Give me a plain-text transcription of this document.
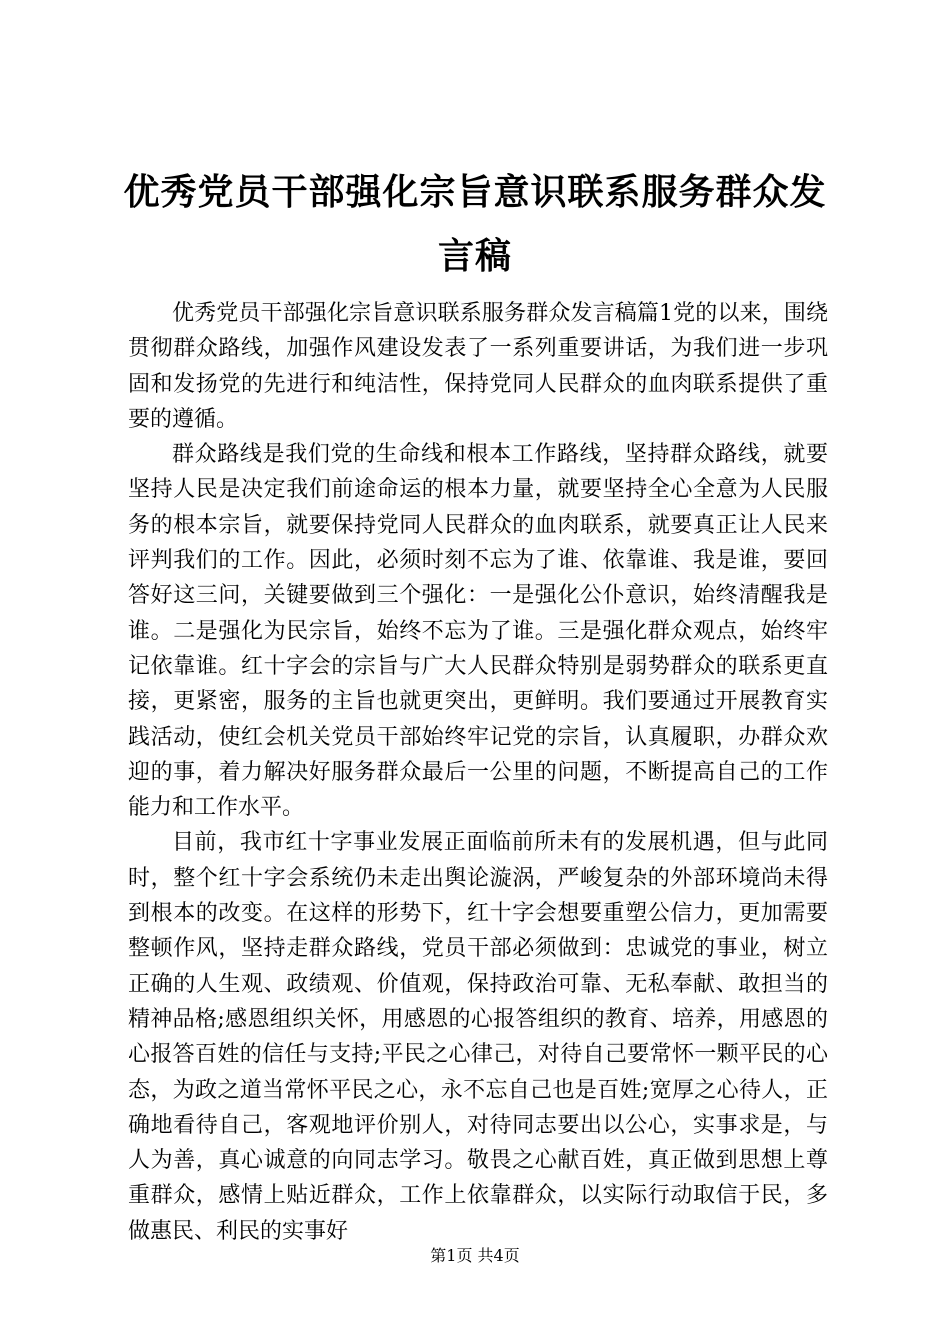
优秀党员干部强化宗旨意识联系服务群众发言稿

优秀党员干部强化宗旨意识联系服务群众发言稿篇1党的以来，围绕贯彻群众路线，加强作风建设发表了一系列重要讲话，为我们进一步巩固和发扬党的先进行和纯洁性，保持党同人民群众的血肉联系提供了重要的遵循。

群众路线是我们党的生命线和根本工作路线，坚持群众路线，就要坚持人民是决定我们前途命运的根本力量，就要坚持全心全意为人民服务的根本宗旨，就要保持党同人民群众的血肉联系，就要真正让人民来评判我们的工作。因此，必须时刻不忘为了谁、依靠谁、我是谁，要回答好这三问，关键要做到三个强化：一是强化公仆意识，始终清醒我是谁。二是强化为民宗旨，始终不忘为了谁。三是强化群众观点，始终牢记依靠谁。红十字会的宗旨与广大人民群众特别是弱势群众的联系更直接，更紧密，服务的主旨也就更突出，更鲜明。我们要通过开展教育实践活动，使红会机关党员干部始终牢记党的宗旨，认真履职，办群众欢迎的事，着力解决好服务群众最后一公里的问题，不断提高自己的工作能力和工作水平。

目前，我市红十字事业发展正面临前所未有的发展机遇，但与此同时，整个红十字会系统仍未走出舆论漩涡，严峻复杂的外部环境尚未得到根本的改变。在这样的形势下，红十字会想要重塑公信力，更加需要整顿作风，坚持走群众路线，党员干部必须做到：忠诚党的事业，树立正确的人生观、政绩观、价值观，保持政治可靠、无私奉献、敢担当的精神品格;感恩组织关怀，用感恩的心报答组织的教育、培养，用感恩的心报答百姓的信任与支持;平民之心律己，对待自己要常怀一颗平民的心态，为政之道当常怀平民之心，永不忘自己也是百姓;宽厚之心待人，正确地看待自己，客观地评价别人，对待同志要出以公心，实事求是，与人为善，真心诚意的向同志学习。敬畏之心献百姓，真正做到思想上尊重群众，感情上贴近群众，工作上依靠群众，以实际行动取信于民，多做惠民、利民的实事好

第1页 共4页
